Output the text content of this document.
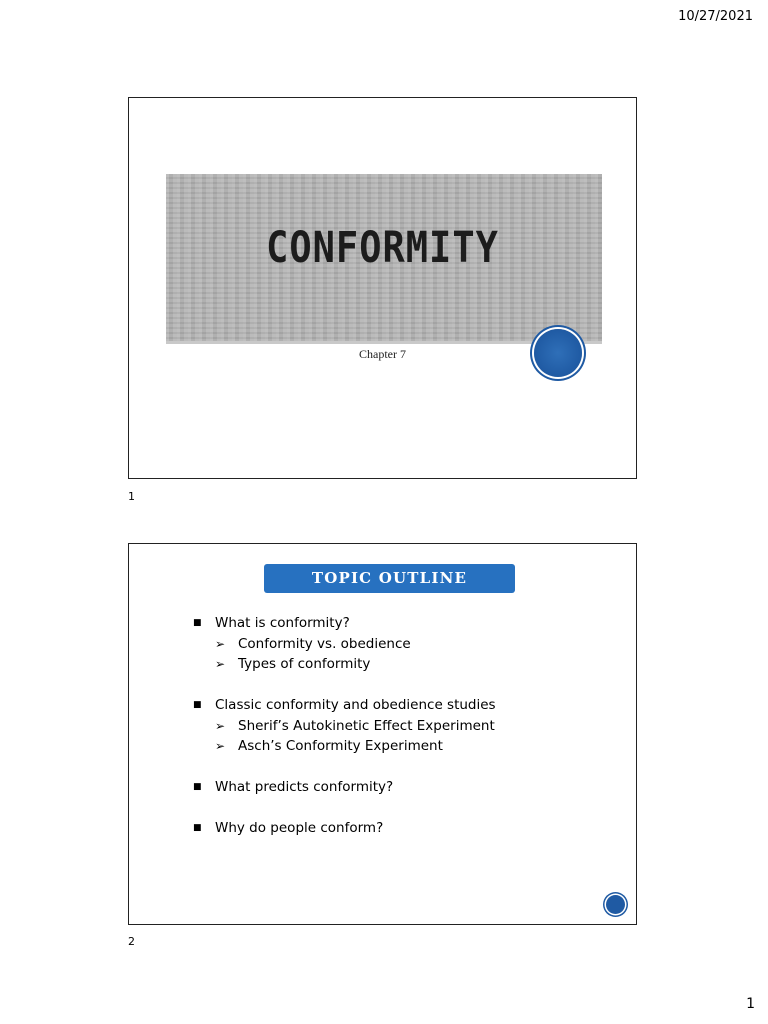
10/27/2021
CONFORMITY
Chapter 7
1
TOPIC OUTLINE
■ What is conformity?
➢ Conformity vs. obedience
➢ Types of conformity
■ Classic conformity and obedience studies
➢ Sherif’s Autokinetic Effect Experiment
➢ Asch’s Conformity Experiment
■ What predicts conformity?
■ Why do people conform?
2
1
